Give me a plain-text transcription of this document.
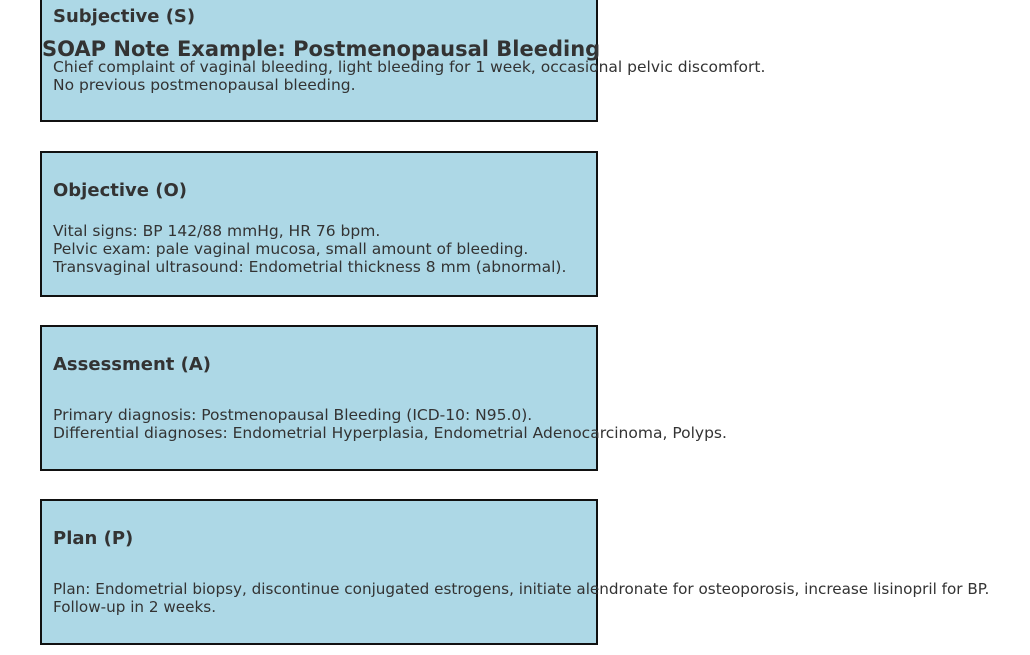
Subjective (S)
Chief complaint of vaginal bleeding, light bleeding for 1 week, occasional pelvic discomfort.
No previous postmenopausal bleeding.
SOAP Note Example: Postmenopausal Bleeding
Objective (O)
Vital signs: BP 142/88 mmHg, HR 76 bpm.
Pelvic exam: pale vaginal mucosa, small amount of bleeding.
Transvaginal ultrasound: Endometrial thickness 8 mm (abnormal).
Assessment (A)
Primary diagnosis: Postmenopausal Bleeding (ICD-10: N95.0).
Differential diagnoses: Endometrial Hyperplasia, Endometrial Adenocarcinoma, Polyps.
Plan (P)
Plan: Endometrial biopsy, discontinue conjugated estrogens, initiate alendronate for osteoporosis, increase lisinopril for BP.
Follow-up in 2 weeks.
